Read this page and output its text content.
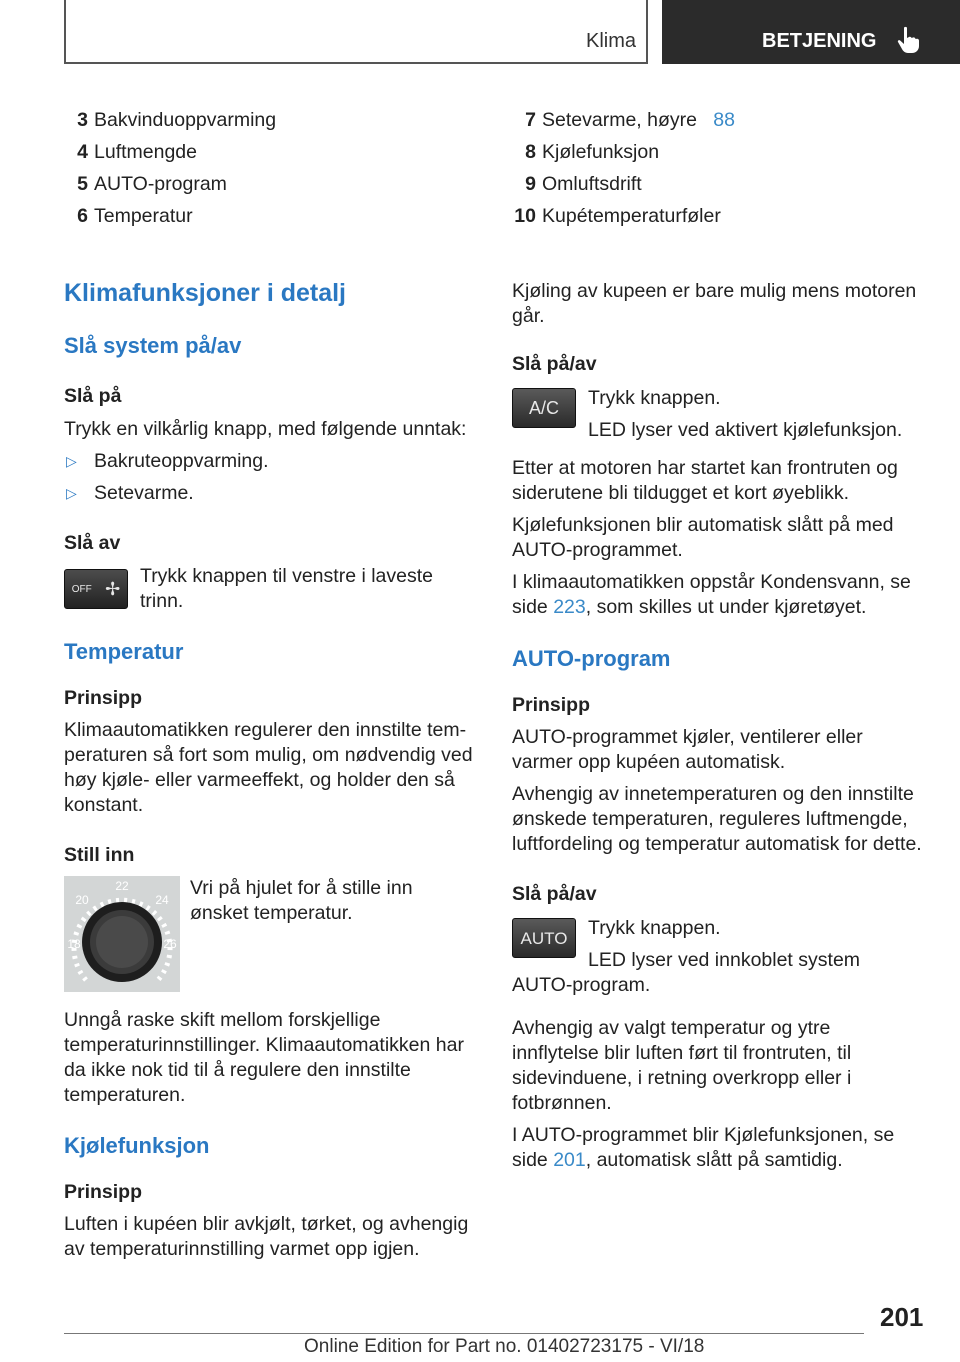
Klima	BETJENING
3 Bakvinduoppvarming
4 Luftmengde
5 AUTO-program
6 Temperatur
Klimafunksjoner i detalj
Slå system på/av
Slå på

Trykk en vilkårlig knapp, med følgende unntak:

▷ Bakruteoppvarming.
▷ Setevarme.
Slå av
OFF ✢

Trykk knappen til venstre i laveste trinn.

Temperatur
Prinsipp

Klimaautomatikken regulerer den innstilte temperaturen så fort som mulig, om nødvendig ved høy kjøle- eller varmeeffekt, og holder den så konstant.

Still inn
22
20	24
18	26

Vri på hjulet for å stille inn ønsket temperatur.

Unngå raske skift mellom forskjellige temperaturinnstillinger. Klimaautomatikken har da ikke nok tid til å regulere den innstilte temperaturen.

Kjølefunksjon
Prinsipp

Luften i kupéen blir avkjølt, tørket, og avhengig av temperaturinnstilling varmet opp igjen.

7 Setevarme, høyre 88
8 Kjølefunksjon
9 Omluftsdrift
10 Kupétemperaturføler

Kjøling av kupeen er bare mulig mens motoren går.

Slå på/av
A/C Trykk knappen.

LED lyser ved aktivert kjølefunksjon.

Etter at motoren har startet kan frontruten og siderutene bli tildugget et kort øyeblikk.

Kjølefunksjonen blir automatisk slått på med AUTO-programmet.

I klimaautomatikken oppstår Kondensvann, se side 223, som skilles ut under kjøretøyet.

AUTO-program
Prinsipp

AUTO-programmet kjøler, ventilerer eller varmer opp kupéen automatisk.

Avhengig av innetemperaturen og den innstilte ønskede temperaturen, reguleres luftmengde, luftfordeling og temperatur automatisk for dette.

Slå på/av
AUTO	Trykk knappen.

LED lyser ved innkoblet system AUTO-program.

Avhengig av valgt temperatur og ytre innflytelse blir luften ført til frontruten, til sidevinduene, i retning overkropp eller i fotbrønnen.

I AUTO-programmet blir Kjølefunksjonen, se side 201, automatisk slått på samtidig.

201
Online Edition for Part no. 01402723175 - VI/18
